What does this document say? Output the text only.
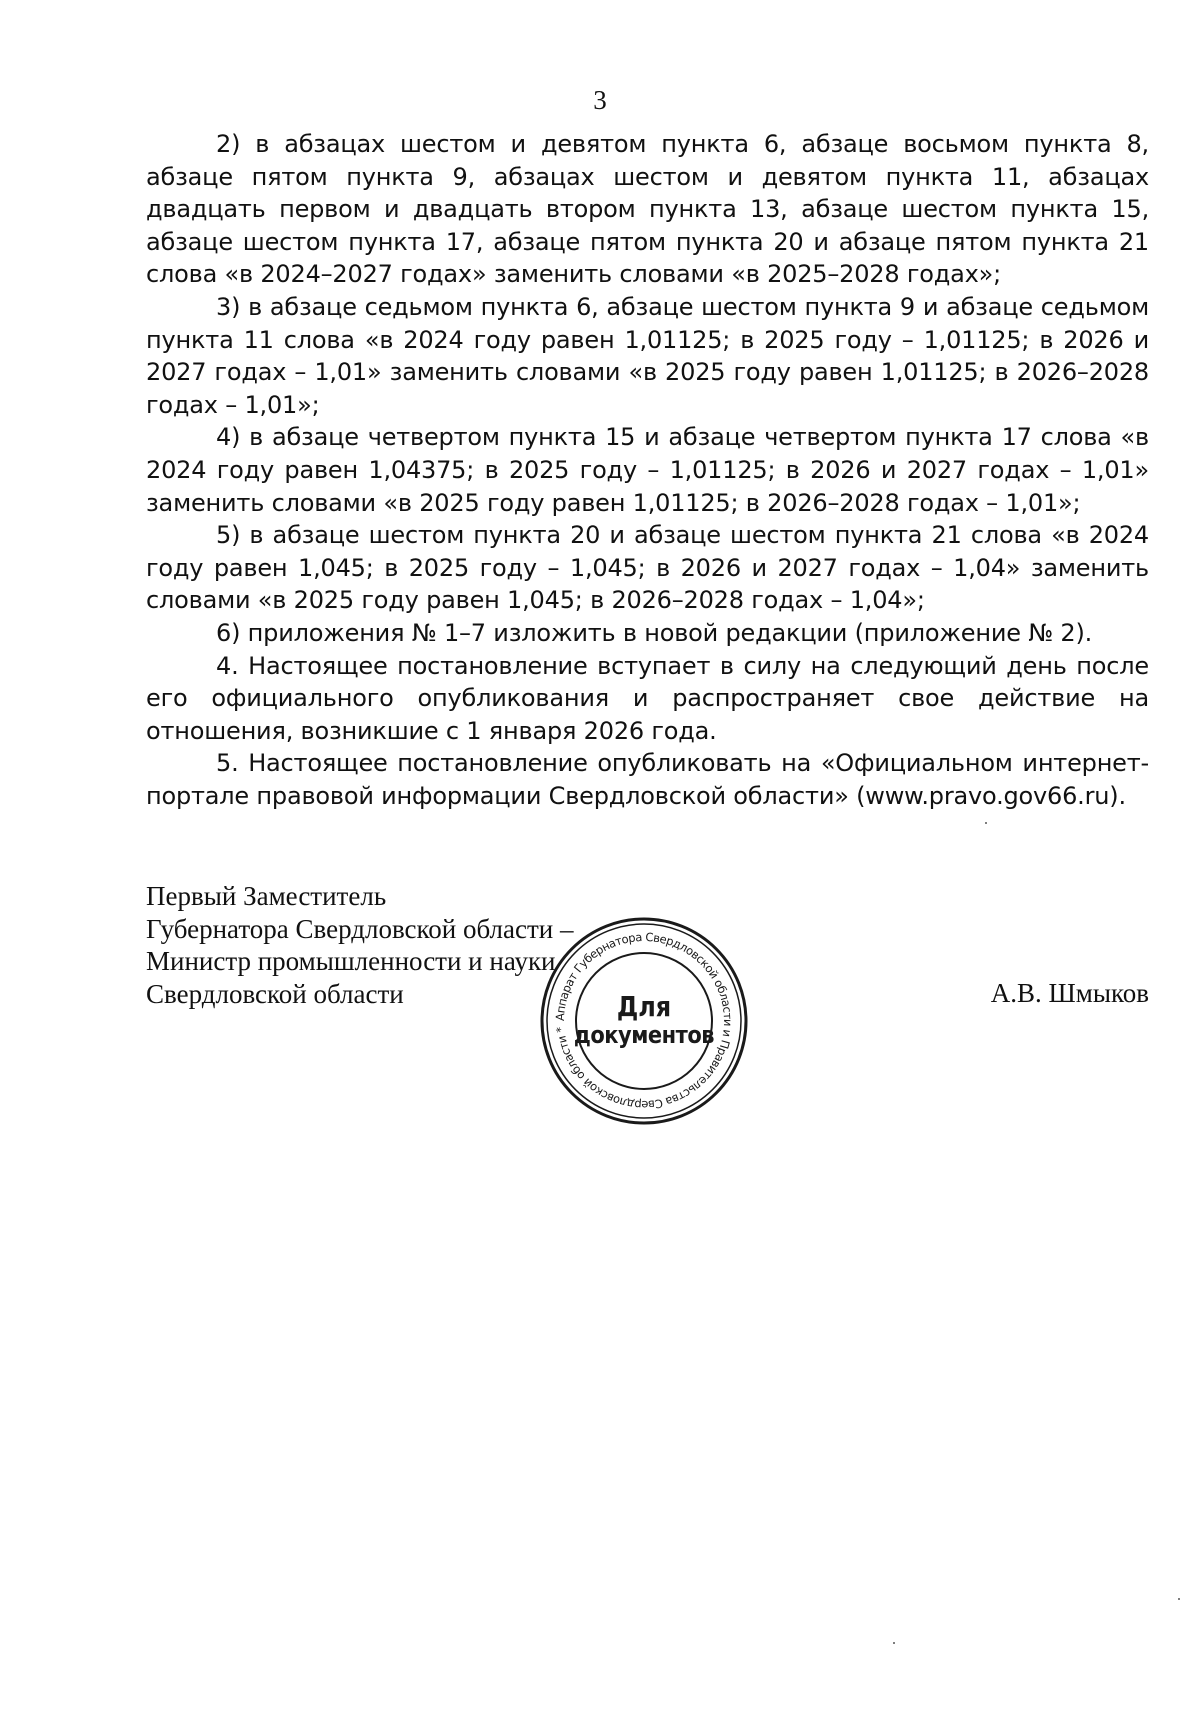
3

2) в абзацах шестом и девятом пункта 6, абзаце восьмом пункта 8, абзаце пятом пункта 9, абзацах шестом и девятом пункта 11, абзацах двадцать первом и двадцать втором пункта 13, абзаце шестом пункта 15, абзаце шестом пункта 17, абзаце пятом пункта 20 и абзаце пятом пункта 21 слова «в 2024–2027 годах» заменить словами «в 2025–2028 годах»;

3) в абзаце седьмом пункта 6, абзаце шестом пункта 9 и абзаце седьмом пункта 11 слова «в 2024 году равен 1,01125; в 2025 году – 1,01125; в 2026 и 2027 годах – 1,01» заменить словами «в 2025 году равен 1,01125; в 2026–2028 годах – 1,01»;

4) в абзаце четвертом пункта 15 и абзаце четвертом пункта 17 слова «в 2024 году равен 1,04375; в 2025 году – 1,01125; в 2026 и 2027 годах – 1,01» заменить словами «в 2025 году равен 1,01125; в 2026–2028 годах – 1,01»;

5) в абзаце шестом пункта 20 и абзаце шестом пункта 21 слова «в 2024 году равен 1,045; в 2025 году – 1,045; в 2026 и 2027 годах – 1,04» заменить словами «в 2025 году равен 1,045; в 2026–2028 годах – 1,04»;

6) приложения № 1–7 изложить в новой редакции (приложение № 2).

4. Настоящее постановление вступает в силу на следующий день после его официального опубликования и распространяет свое действие на отношения, возникшие с 1 января 2026 года.

5. Настоящее постановление опубликовать на «Официальном интернет-портале правовой информации Свердловской области» (www.pravo.gov66.ru).

Первый Заместитель
Губернатора Свердловской области –
Министр промышленности и науки
Свердловской области
Аппарат Губернатора Свердловской области и Правительства Свердловской области *
Для
документов
А.В. Шмыков
